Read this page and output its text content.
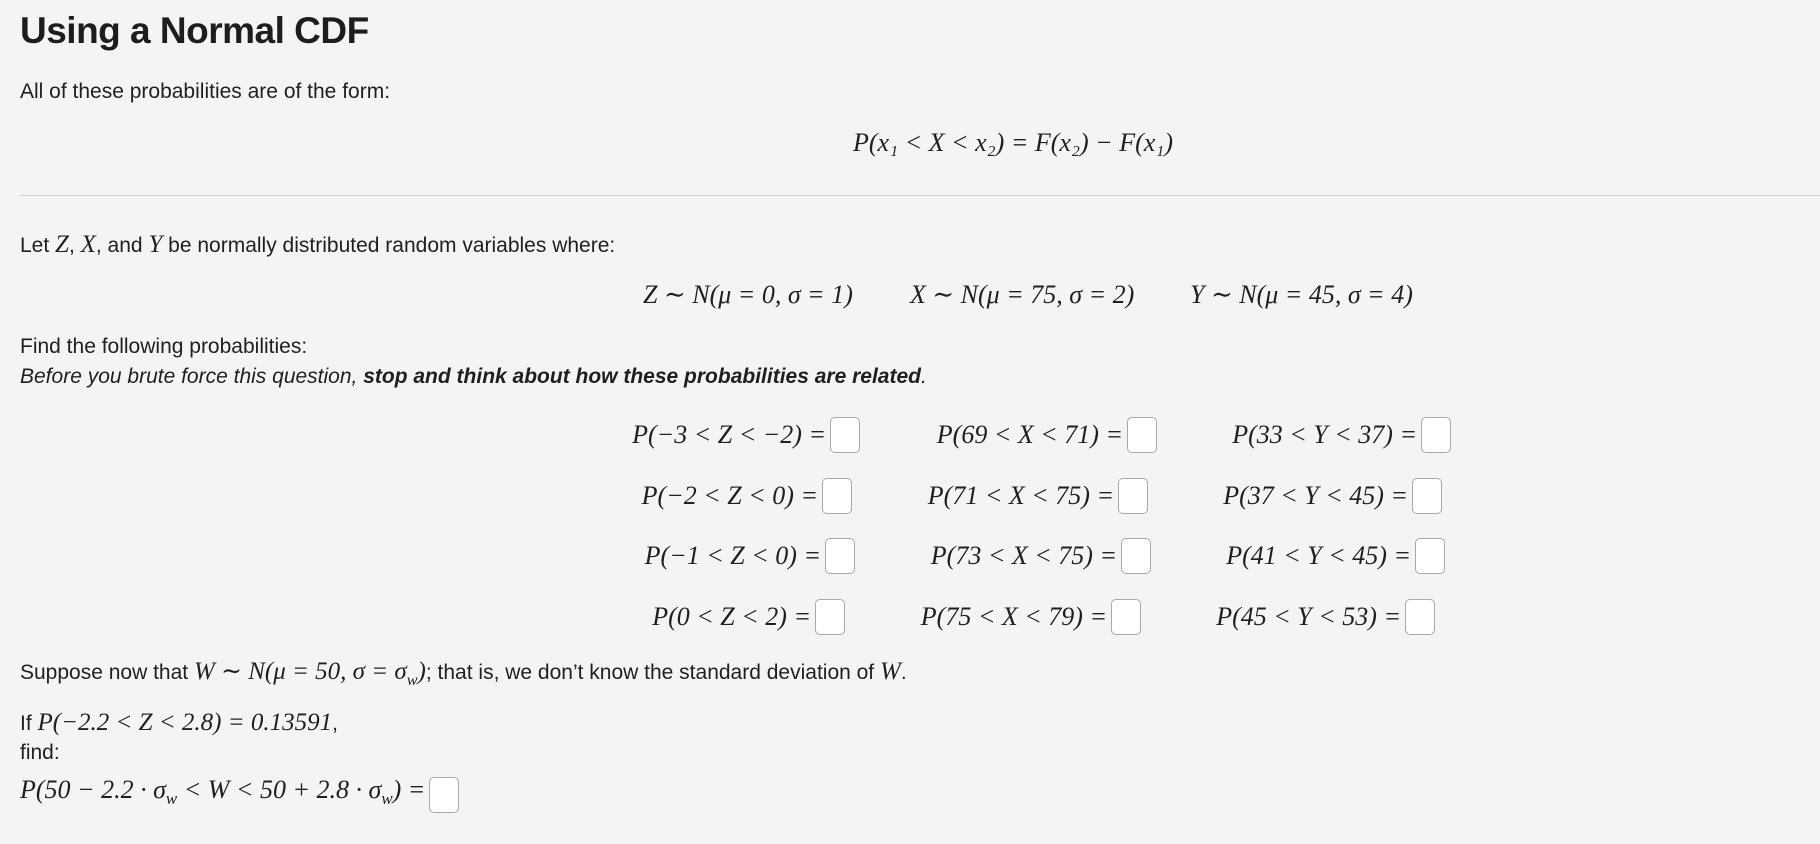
Using a Normal CDF
All of these probabilities are of the form:
P(x₁ < X < x₂) = F(x₂) − F(x₁)
Let Z, X, and Y be normally distributed random variables where:
Z ∼ N(μ = 0, σ = 1) X ∼ N(μ = 75, σ = 2) Y ∼ N(μ = 45, σ = 4)
Find the following probabilities:
Before you brute force this question, stop and think about how these probabilities are related.
P(−3 < Z < −2) =
P(−2 < Z < 0) =
P(−1 < Z < 0) =
P(0 < Z < 2) =
P(69 < X < 71) =
P(71 < X < 75) =
P(73 < X < 75) =
P(75 < X < 79) =
P(33 < Y < 37) =
P(37 < Y < 45) =
P(41 < Y < 45) =
P(45 < Y < 53) =
Suppose now that W ∼ N(μ = 50, $\sigma = \sigma_w$); that is, we don’t know the standard deviation of W.
If P(−2.2 < Z < 2.8) = 0.13591,
find:
$P(50 - 2.2 \cdot \sigma_w < W < 50 + 2.8 \cdot \sigma_w)$ =
